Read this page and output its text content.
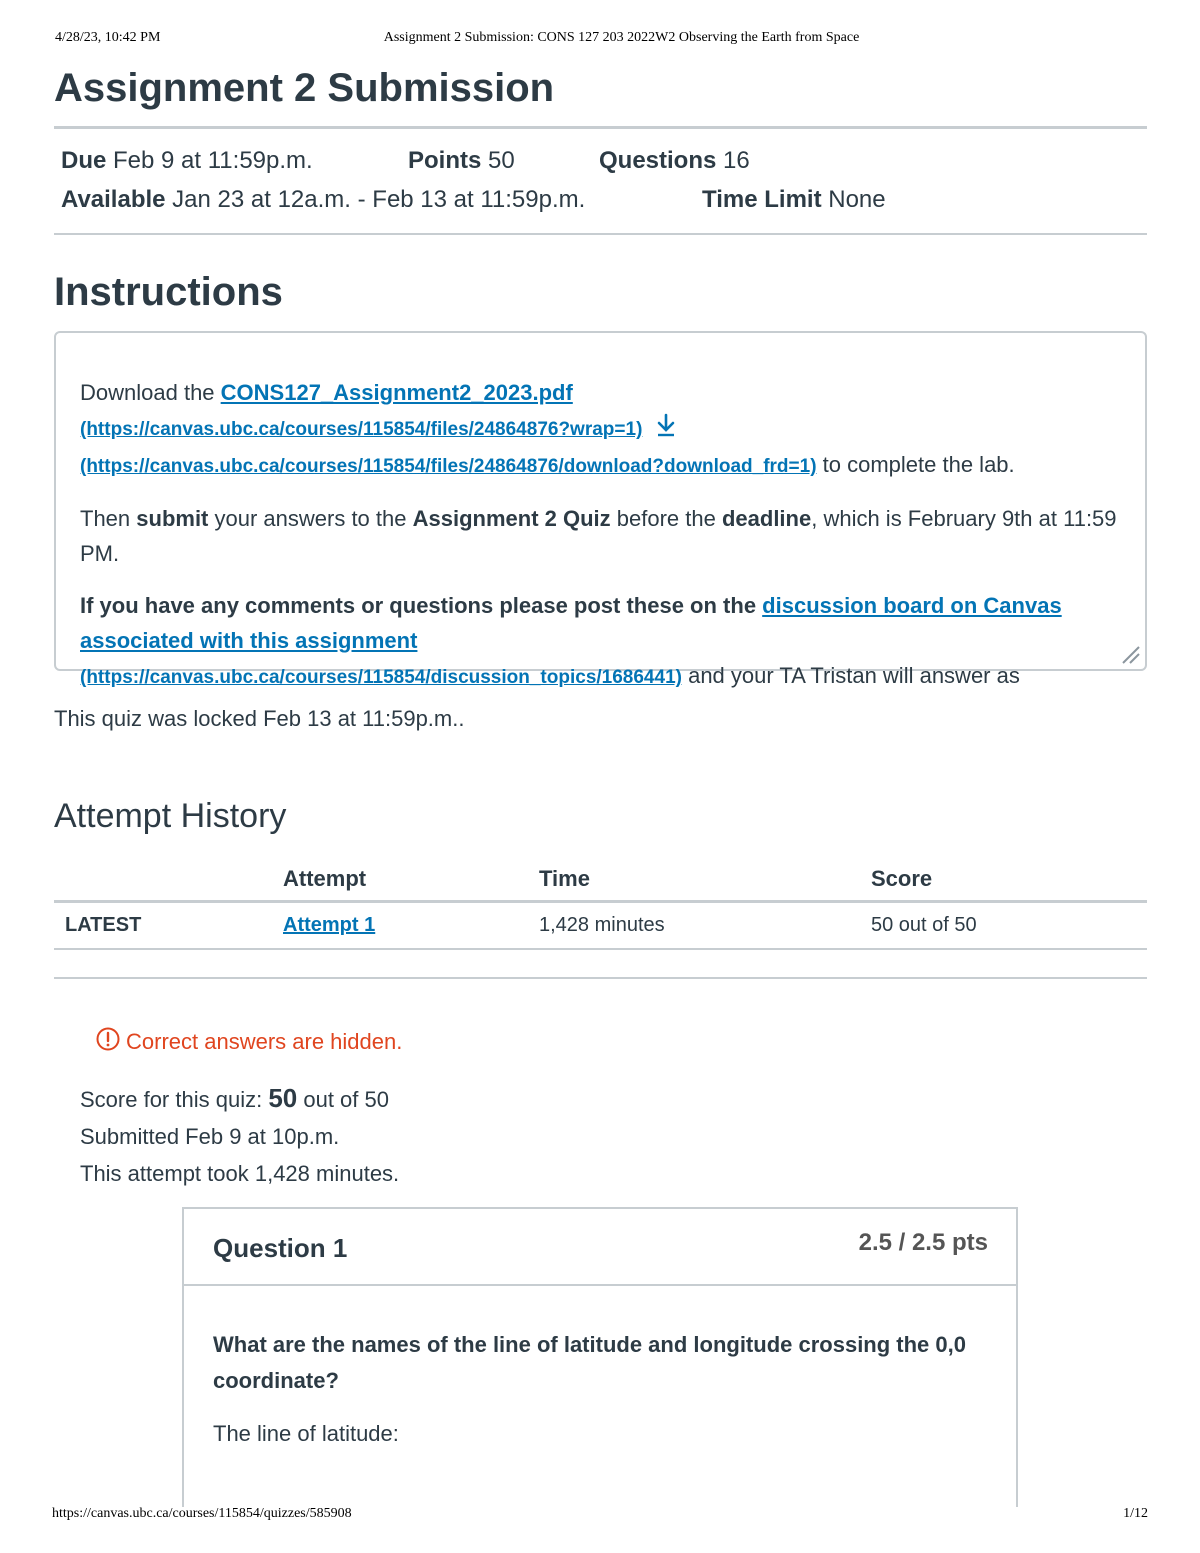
4/28/23, 10:42 PM	Assignment 2 Submission: CONS 127 203 2022W2 Observing the Earth from Space
Assignment 2 Submission
Due Feb 9 at 11:59p.m.	Points 50	Questions 16
Available Jan 23 at 12a.m. - Feb 13 at 11:59p.m.	Time Limit None
Instructions

Download the CONS127_Assignment2_2023.pdf
(https://canvas.ubc.ca/courses/115854/files/24864876?wrap=1)
(https://canvas.ubc.ca/courses/115854/files/24864876/download?download_frd=1) to complete the lab.

Then submit your answers to the Assignment 2 Quiz before the deadline, which is February 9th at 11:59 PM.

If you have any comments or questions please post these on the discussion board on Canvas associated with this assignment
(https://canvas.ubc.ca/courses/115854/discussion_topics/1686441) and your TA Tristan will answer as

This quiz was locked Feb 13 at 11:59p.m..
Attempt History
	Attempt	Time	Score
LATEST	Attempt 1	1,428 minutes	50 out of 50
Correct answers are hidden.
Score for this quiz: 50 out of 50
Submitted Feb 9 at 10p.m.
This attempt took 1,428 minutes.
Question 1	2.5 / 2.5 pts

What are the names of the line of latitude and longitude crossing the 0,0 coordinate?

The line of latitude:

https://canvas.ubc.ca/courses/115854/quizzes/585908	1/12
